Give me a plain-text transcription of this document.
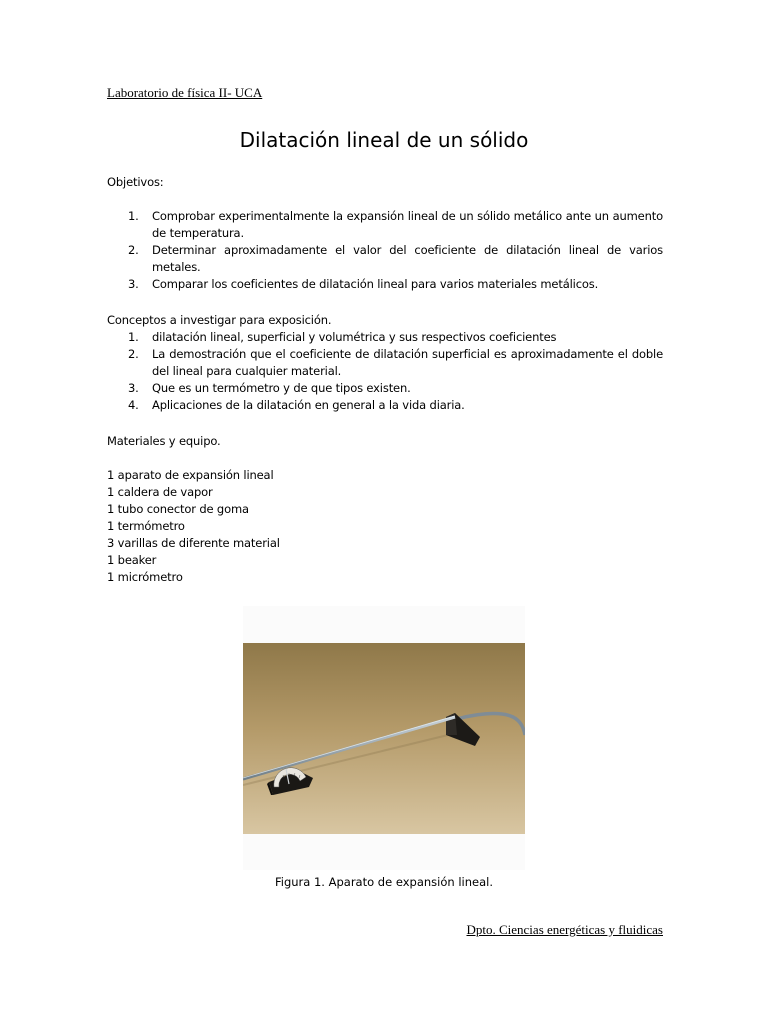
Laboratorio de física II- UCA
Dilatación lineal de un sólido

Objetivos:

1. Comprobar experimentalmente la expansión lineal de un sólido metálico ante un aumento de temperatura.
2. Determinar aproximadamente el valor del coeficiente de dilatación lineal de varios metales.
3. Comparar los coeficientes de dilatación lineal para varios materiales metálicos.

Conceptos a investigar para exposición.

1. dilatación lineal, superficial y volumétrica y sus respectivos coeficientes
2. La demostración que el coeficiente de dilatación superficial es aproximadamente el doble del lineal para cualquier material.
3. Que es un termómetro y de que tipos existen.
4. Aplicaciones de la dilatación en general a la vida diaria.

Materiales y equipo.

1 aparato de expansión lineal
1 caldera de vapor
1 tubo conector de goma
1 termómetro
3 varillas de diferente material
1 beaker
1 micrómetro
Figura 1. Aparato de expansión lineal.
Dpto. Ciencias energéticas y fluidicas
